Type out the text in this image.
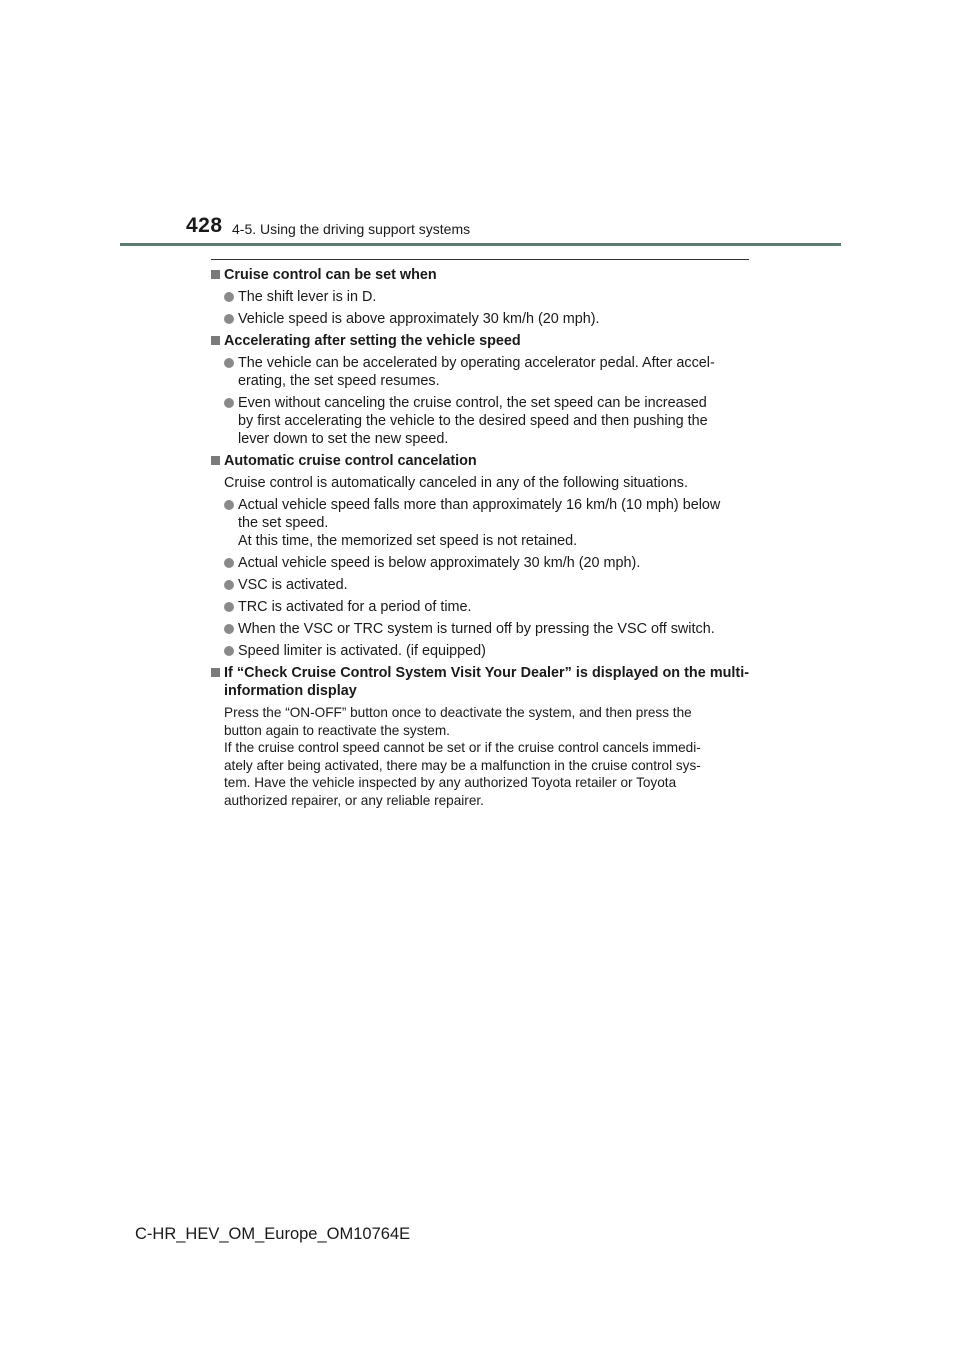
428 4-5. Using the driving support systems
Cruise control can be set when
The shift lever is in D.
Vehicle speed is above approximately 30 km/h (20 mph).
Accelerating after setting the vehicle speed
The vehicle can be accelerated by operating accelerator pedal. After accel-
erating, the set speed resumes.
Even without canceling the cruise control, the set speed can be increased
by first accelerating the vehicle to the desired speed and then pushing the
lever down to set the new speed.
Automatic cruise control cancelation
Cruise control is automatically canceled in any of the following situations.
Actual vehicle speed falls more than approximately 16 km/h (10 mph) below
the set speed.
At this time, the memorized set speed is not retained.
Actual vehicle speed is below approximately 30 km/h (20 mph).
VSC is activated.
TRC is activated for a period of time.
When the VSC or TRC system is turned off by pressing the VSC off switch.
Speed limiter is activated. (if equipped)
If “Check Cruise Control System Visit Your Dealer” is displayed on the multi-information display
Press the “ON-OFF” button once to deactivate the system, and then press the
button again to reactivate the system.
If the cruise control speed cannot be set or if the cruise control cancels immedi-
ately after being activated, there may be a malfunction in the cruise control sys-
tem. Have the vehicle inspected by any authorized Toyota retailer or Toyota
authorized repairer, or any reliable repairer.
C-HR_HEV_OM_Europe_OM10764E
